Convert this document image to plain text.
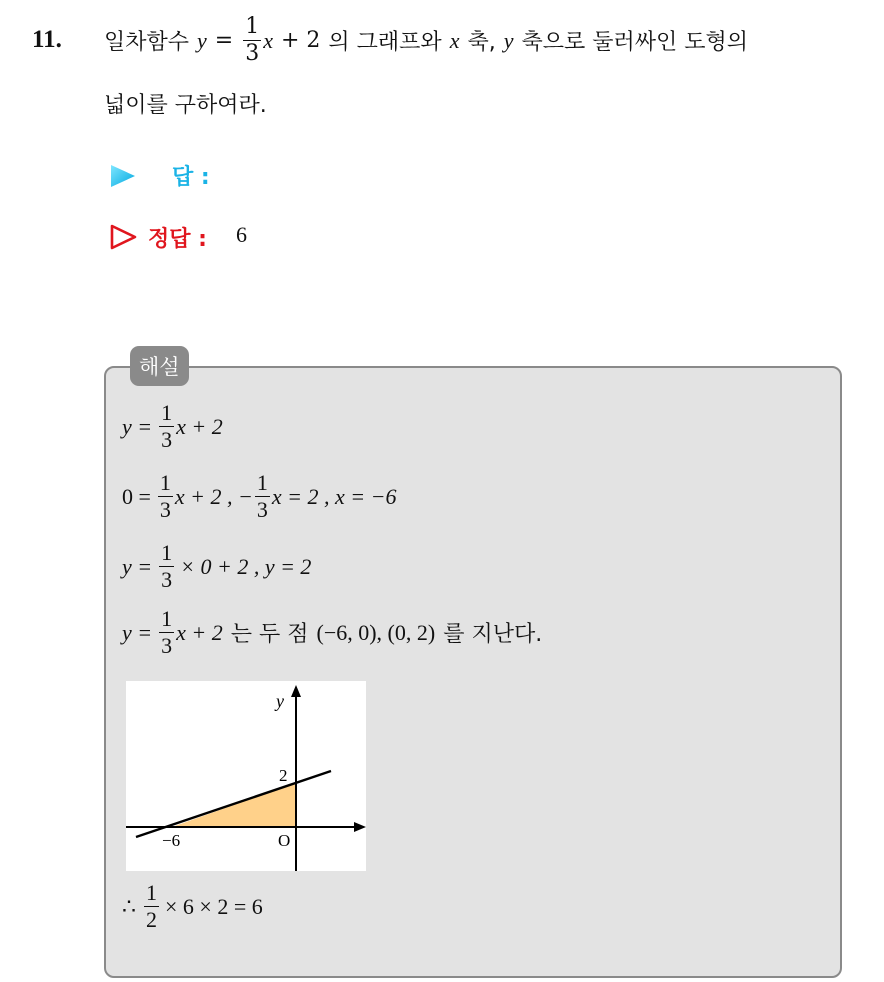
11. 일차함수 $y = \frac{1}{3}$ x + 2 의 그래프와 x 축, y 축으로 둘러싸인 도형의
넓이를 구하여라.
답 :
정답 : 6
해설
$y = \frac{1}{3}$ x + 2
$0 = \frac{1}{3}$ x + 2 , − $\frac{1}{3}$ x = 2 , x = −6
$y = \frac{1}{3} \times 0 + 2$ , y = 2
$y = \frac{1}{3}$ x + 2 는 두 점 (−6, 0), (0, 2) 를 지난다.
y
2
−6	O
∴ $\frac{1}{2} \times 6 \times 2 = 6$
